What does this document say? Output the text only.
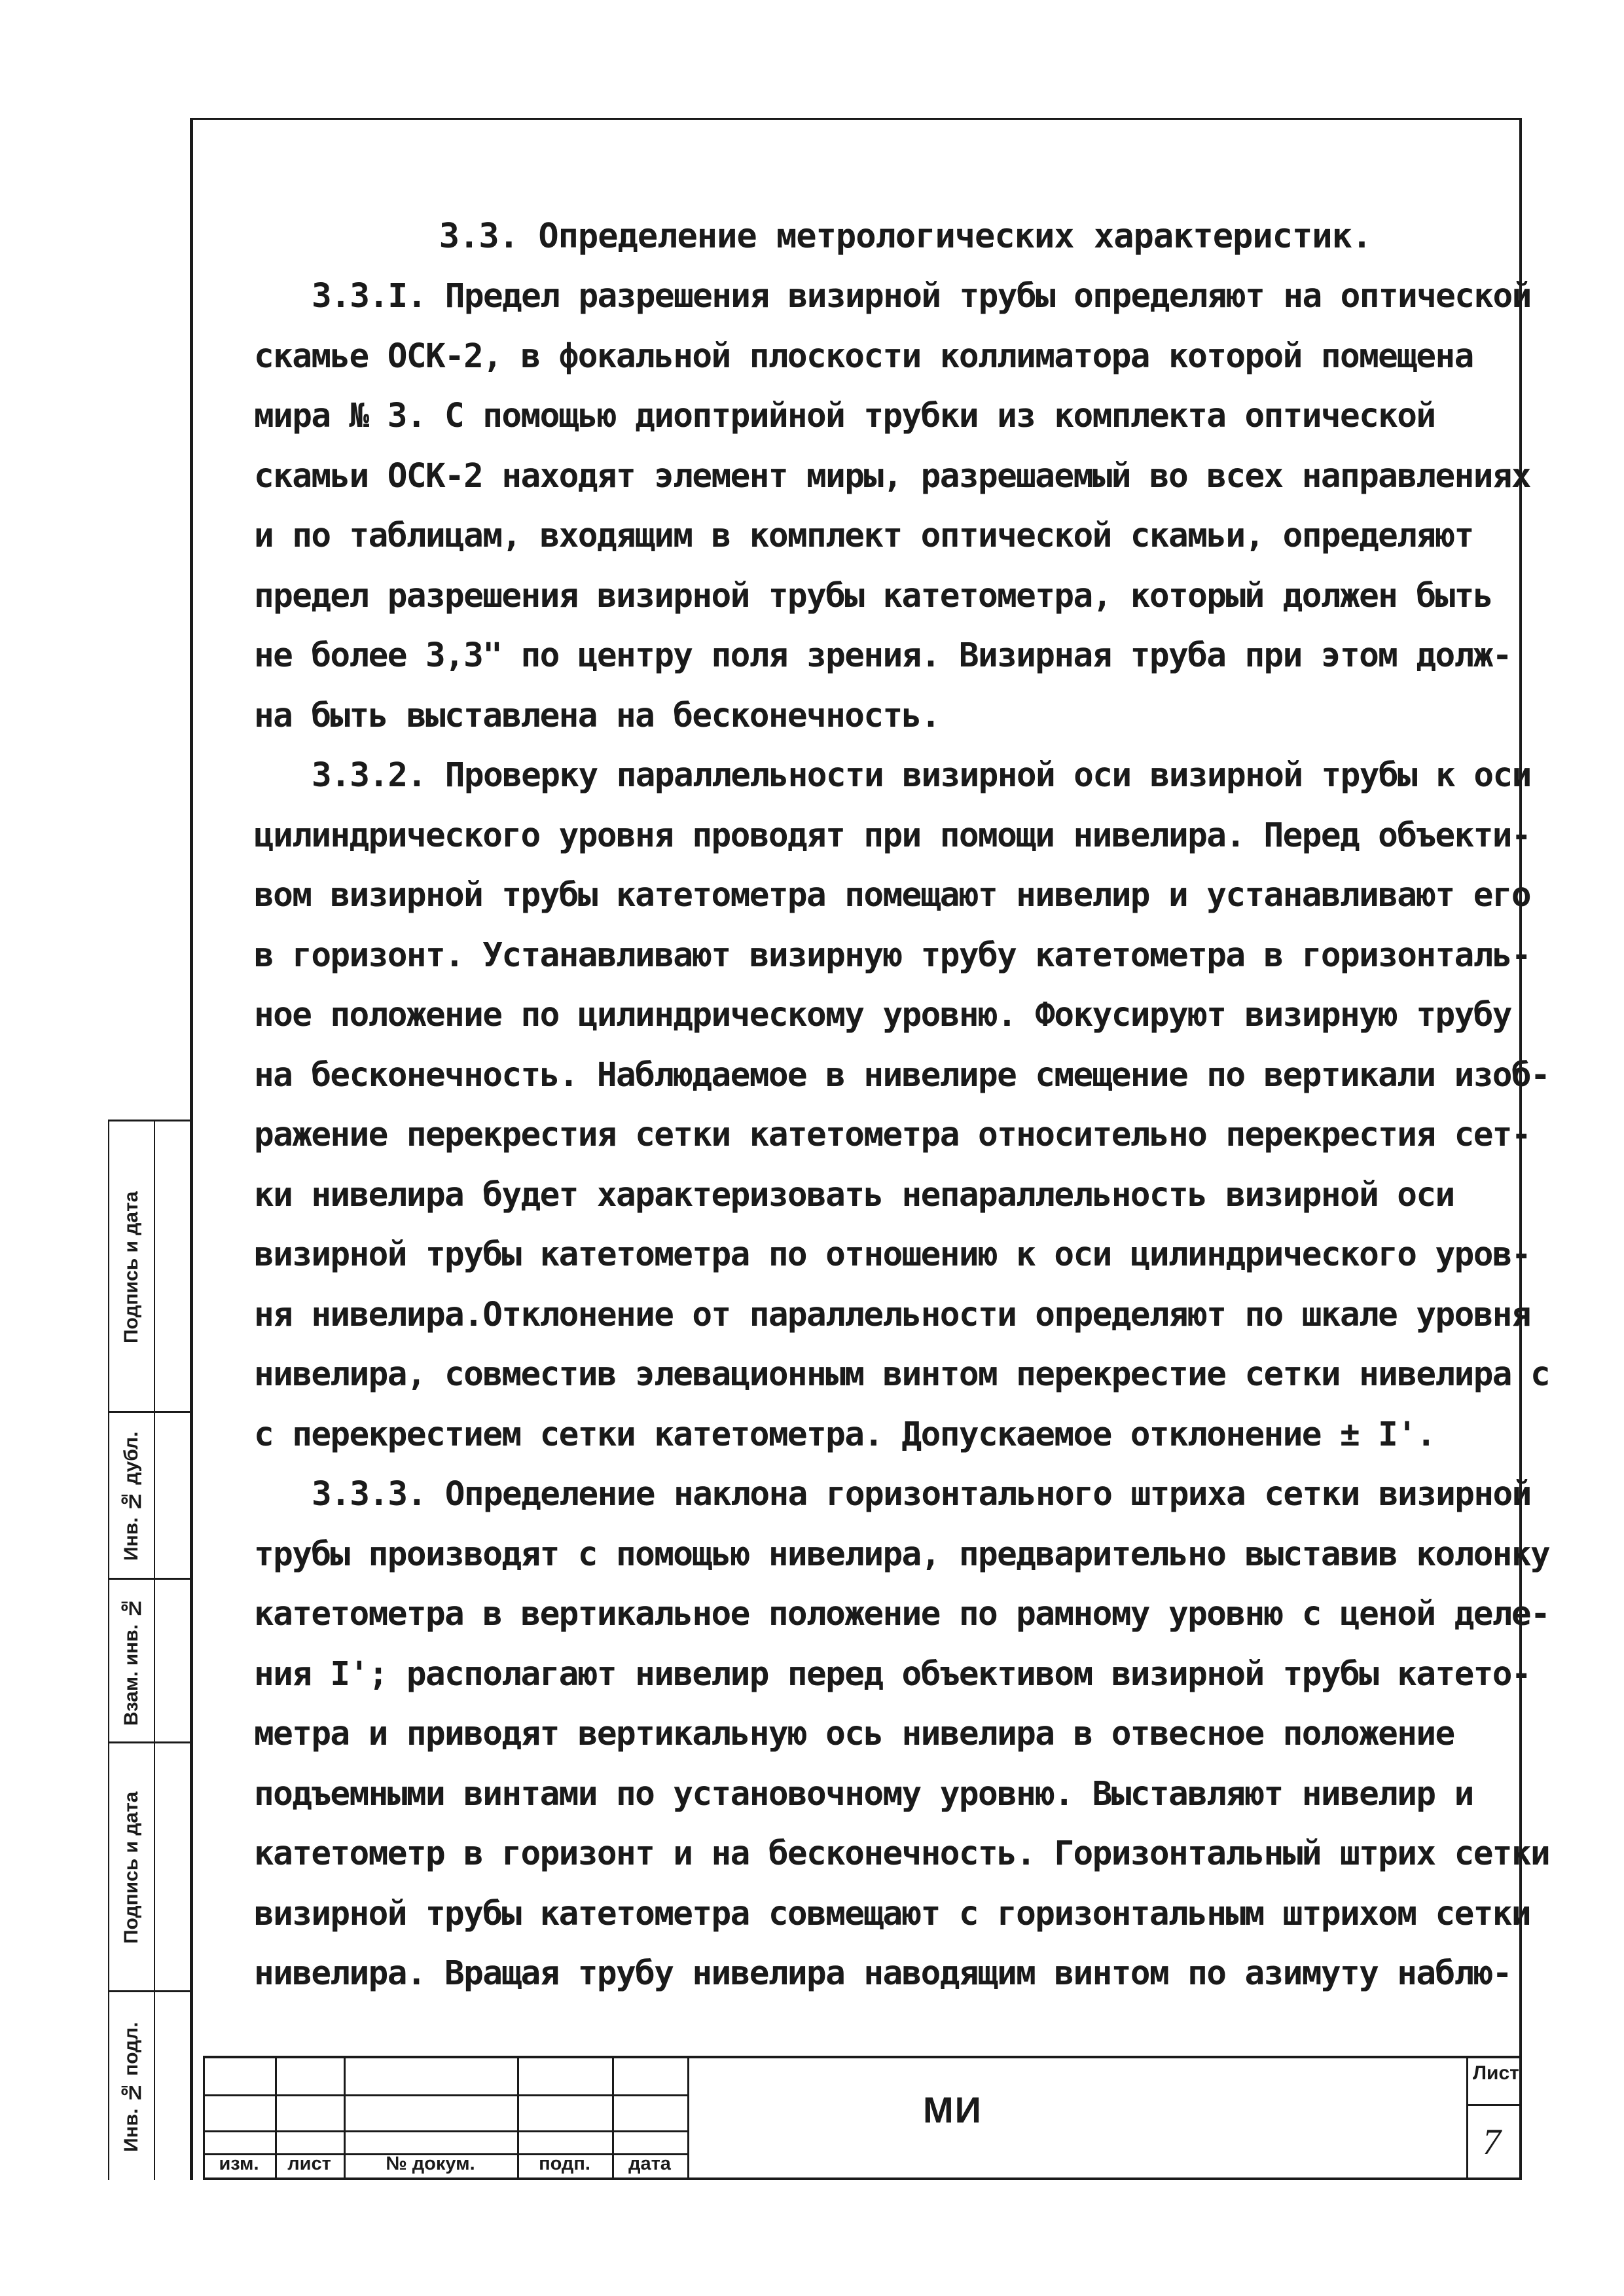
3.3. Определение метрологических характеристик.

3.3.I. Предел разрешения визирной трубы определяют на оптической
скамье ОСК-2, в фокальной плоскости коллиматора которой помещена
мира № 3. С помощью диоптрийной трубки из комплекта оптической
скамьи ОСК-2 находят элемент миры, разрешаемый во всех направлениях
и по таблицам, входящим в комплект оптической скамьи, определяют
предел разрешения визирной трубы катетометра, который должен быть
не более 3,3" по центру поля зрения. Визирная труба при этом долж-
на быть выставлена на бесконечность.

3.3.2. Проверку параллельности визирной оси визирной трубы к оси
цилиндрического уровня проводят при помощи нивелира. Перед объекти-
вом визирной трубы катетометра помещают нивелир и устанавливают его
в горизонт. Устанавливают визирную трубу катетометра в горизонталь-
ное положение по цилиндрическому уровню. Фокусируют визирную трубу
на бесконечность. Наблюдаемое в нивелире смещение по вертикали изоб-
ражение перекрестия сетки катетометра относительно перекрестия сет-
ки нивелира будет характеризовать непараллельность визирной оси
визирной трубы катетометра по отношению к оси цилиндрического уров-
ня нивелира.Отклонение от параллельности определяют по шкале уровня
нивелира, совместив элевационным винтом перекрестие сетки нивелира с
с перекрестием сетки катетометра. Допускаемое отклонение ± I'.

3.3.3. Определение наклона горизонтального штриха сетки визирной
трубы производят с помощью нивелира, предварительно выставив колонку
катетометра в вертикальное положение по рамному уровню с ценой деле-
ния I'; располагают нивелир перед объективом визирной трубы катето-
метра и приводят вертикальную ось нивелира в отвесное положение
подъемными винтами по установочному уровню. Выставляют нивелир и
катетометр в горизонт и на бесконечность. Горизонтальный штрих сетки
визирной трубы катетометра совмещают с горизонтальным штрихом сетки
нивелира. Вращая трубу нивелира наводящим винтом по азимуту наблю-

Подпись и дата
Инв. № дубл.
Взам. инв. №
Подпись и дата
Инв. № подл.
изм.	лист	№ докум.	подп.	дата
МИ
Лист
7
